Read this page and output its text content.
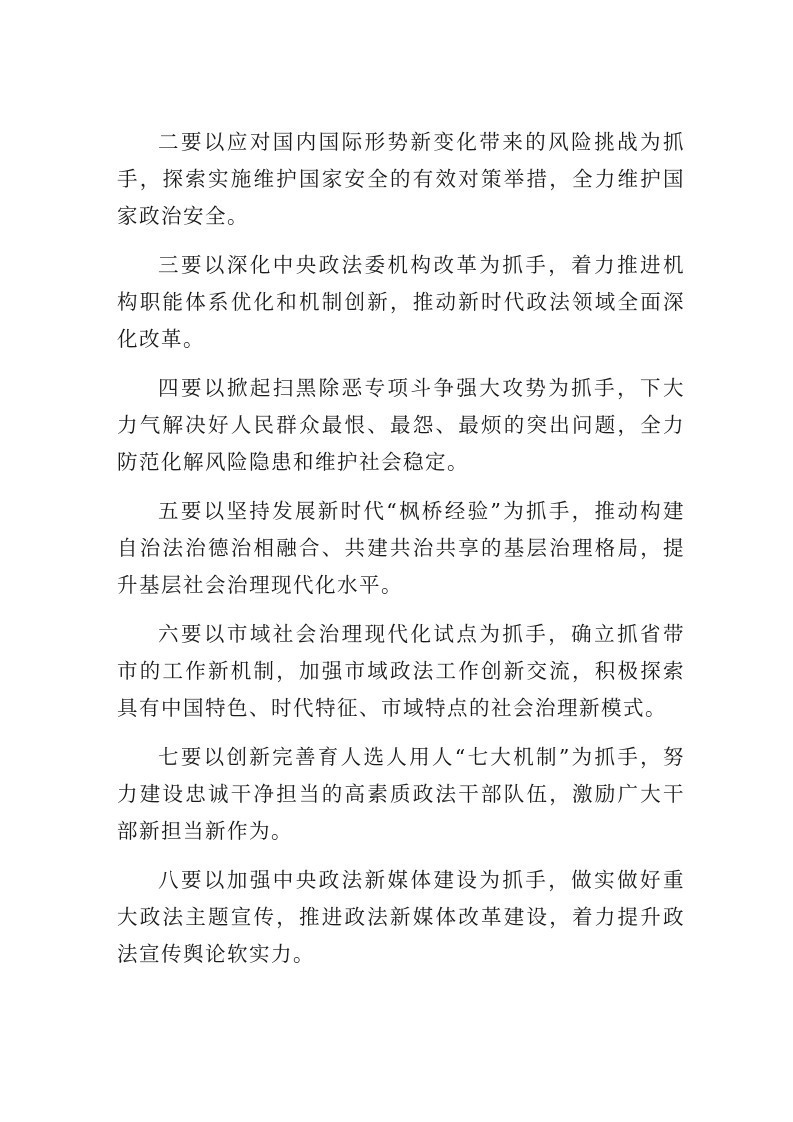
二要以应对国内国际形势新变化带来的风险挑战为抓手，探索实施维护国家安全的有效对策举措，全力维护国家政治安全。

三要以深化中央政法委机构改革为抓手，着力推进机构职能体系优化和机制创新，推动新时代政法领域全面深化改革。

四要以掀起扫黑除恶专项斗争强大攻势为抓手，下大力气解决好人民群众最恨、最怨、最烦的突出问题，全力防范化解风险隐患和维护社会稳定。

五要以坚持发展新时代“枫桥经验”为抓手，推动构建自治法治德治相融合、共建共治共享的基层治理格局，提升基层社会治理现代化水平。

六要以市域社会治理现代化试点为抓手，确立抓省带市的工作新机制，加强市域政法工作创新交流，积极探索具有中国特色、时代特征、市域特点的社会治理新模式。

七要以创新完善育人选人用人“七大机制”为抓手，努力建设忠诚干净担当的高素质政法干部队伍，激励广大干部新担当新作为。

八要以加强中央政法新媒体建设为抓手，做实做好重大政法主题宣传，推进政法新媒体改革建设，着力提升政法宣传舆论软实力。
